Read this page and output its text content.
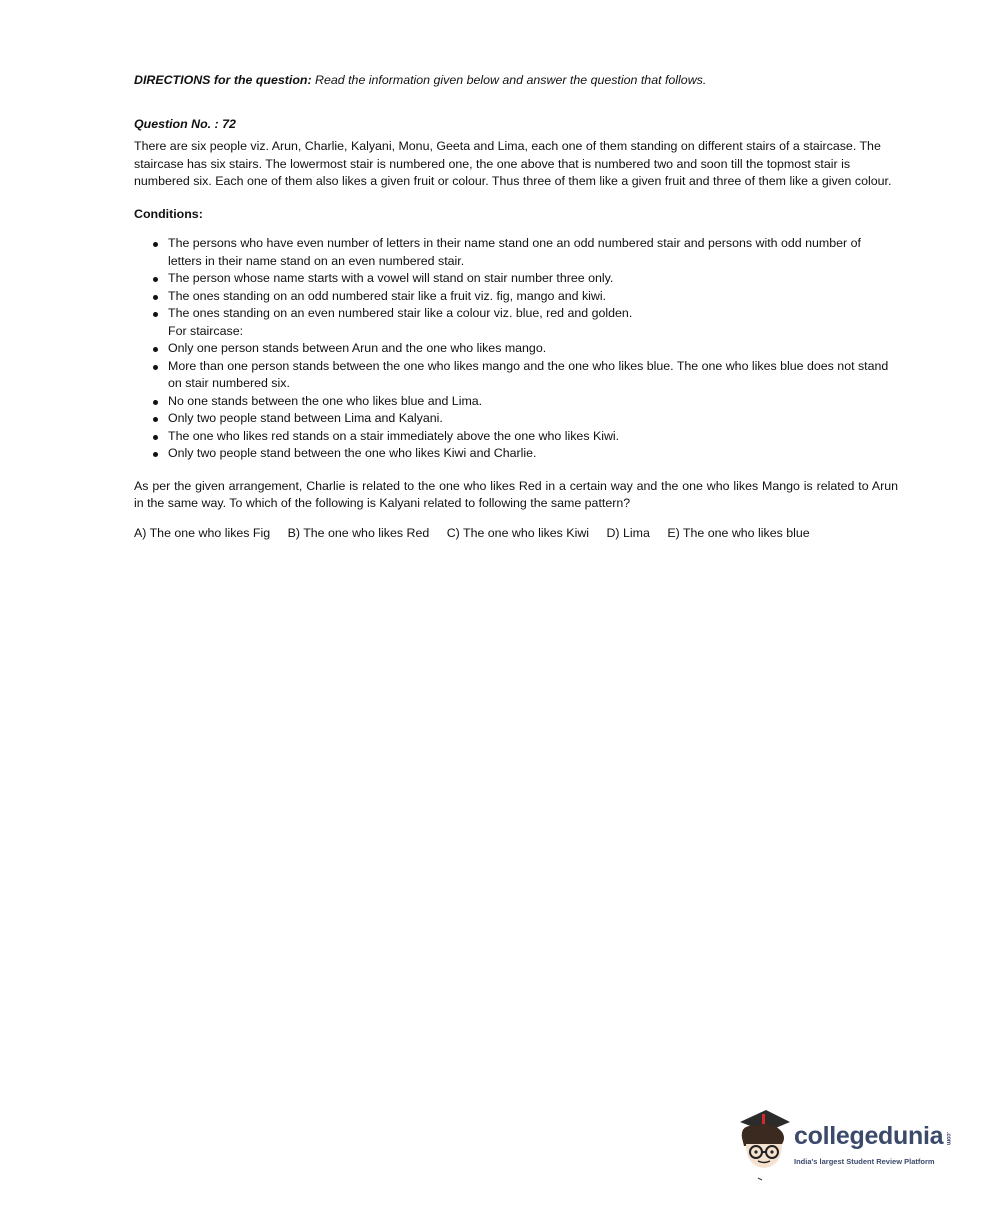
DIRECTIONS for the question: Read the information given below and answer the question that follows.

Question No. : 72

There are six people viz. Arun, Charlie, Kalyani, Monu, Geeta and Lima, each one of them standing on different stairs of a staircase. The staircase has six stairs. The lowermost stair is numbered one, the one above that is numbered two and soon till the topmost stair is numbered six. Each one of them also likes a given fruit or colour. Thus three of them like a given fruit and three of them like a given colour.

Conditions:

The persons who have even number of letters in their name stand one an odd numbered stair and persons with odd number of letters in their name stand on an even numbered stair.
The person whose name starts with a vowel will stand on stair number three only.
The ones standing on an odd numbered stair like a fruit viz. fig, mango and kiwi.
The ones standing on an even numbered stair like a colour viz. blue, red and golden.
For staircase:
Only one person stands between Arun and the one who likes mango.
More than one person stands between the one who likes mango and the one who likes blue. The one who likes blue does not stand on stair numbered six.
No one stands between the one who likes blue and Lima.
Only two people stand between Lima and Kalyani.
The one who likes red stands on a stair immediately above the one who likes Kiwi.
Only two people stand between the one who likes Kiwi and Charlie.

As per the given arrangement, Charlie is related to the one who likes Red in a certain way and the one who likes Mango is related to Arun in the same way. To which of the following is Kalyani related to following the same pattern?

A) The one who likes Fig B) The one who likes Red C) The one who likes Kiwi D) Lima E) The one who likes blue
collegedunia .com
India's largest Student Review Platform
